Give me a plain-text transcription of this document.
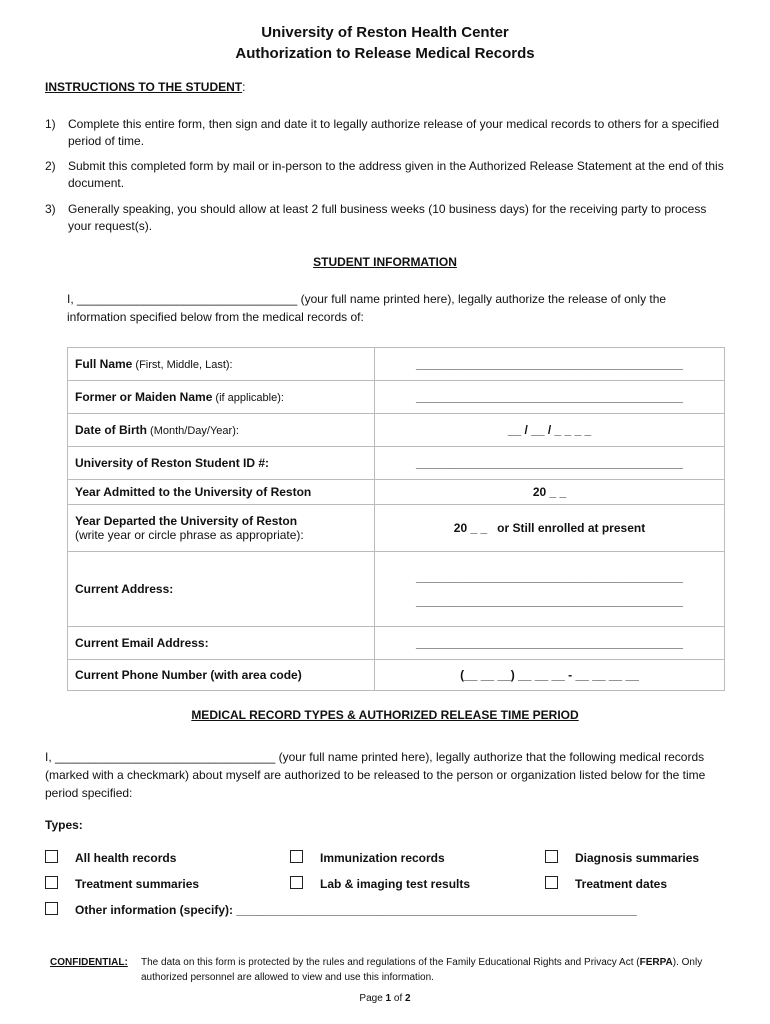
University of Reston Health Center
Authorization to Release Medical Records
INSTRUCTIONS TO THE STUDENT:
1) Complete this entire form, then sign and date it to legally authorize release of your medical records to others for a specified period of time.
2) Submit this completed form by mail or in-person to the address given in the Authorized Release Statement at the end of this document.
3) Generally speaking, you should allow at least 2 full business weeks (10 business days) for the receiving party to process your request(s).
STUDENT INFORMATION
I, _________________________________ (your full name printed here), legally authorize the release of only the information specified below from the medical records of:
Full Name (First, Middle, Last):	________________________________________
Former or Maiden Name (if applicable):	________________________________________
Date of Birth (Month/Day/Year):	__ / __ / _ _ _ _
University of Reston Student ID #:	________________________________________
Year Admitted to the University of Reston	20 _ _

Year Departed the University of Reston
(write year or circle phrase as appropriate):	20 _ _   or Still enrolled at present
Current Address:	________________________________________
________________________________________

Current Email Address:	________________________________________
Current Phone Number (with area code)	(__ __ __) __ __ __ - __ __ __ __
MEDICAL RECORD TYPES & AUTHORIZED RELEASE TIME PERIOD
I, _________________________________ (your full name printed here), legally authorize that the following medical records (marked with a checkmark) about myself are authorized to be released to the person or organization listed below for the time period specified:
Types:
All health records	Immunization records	Diagnosis summaries
Treatment summaries	Lab & imaging test results	Treatment dates
Other information (specify): ____________________________________________________________
CONFIDENTIAL: The data on this form is protected by the rules and regulations of the Family Educational Rights and Privacy Act (FERPA). Only authorized personnel are allowed to view and use this information.
Page 1 of 2
